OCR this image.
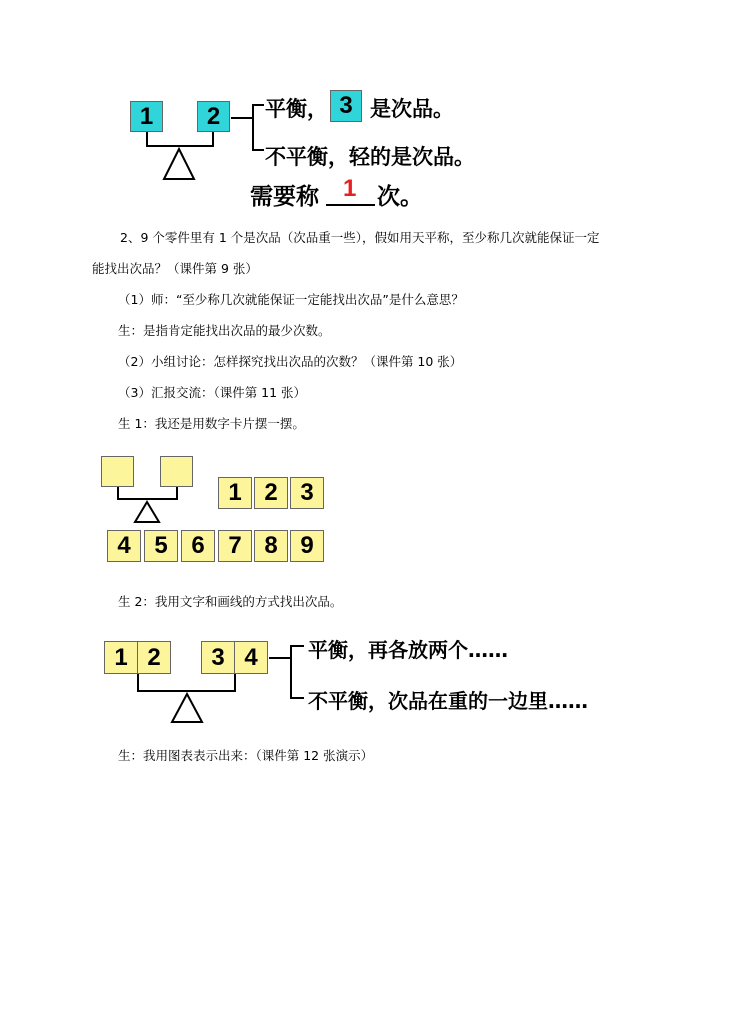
1	2	平衡， 3 是次品。
不平衡，轻的是次品。
需要称 1 次。
2、9 个零件里有 1 个是次品（次品重一些），假如用天平称，至少称几次就能保证一定
能找出次品？（课件第 9 张）
（1）师：“至少称几次就能保证一定能找出次品”是什么意思？
生：是指肯定能找出次品的最少次数。
（2）小组讨论：怎样探究找出次品的次数？（课件第 10 张）
（3）汇报交流：（课件第 11 张）
生 1：我还是用数字卡片摆一摆。
1 2 3
4 5 6 7 8 9
生 2：我用文字和画线的方式找出次品。
1 2	3 4	平衡，再各放两个……
不平衡，次品在重的一边里……
生：我用图表表示出来：（课件第 12 张演示）
